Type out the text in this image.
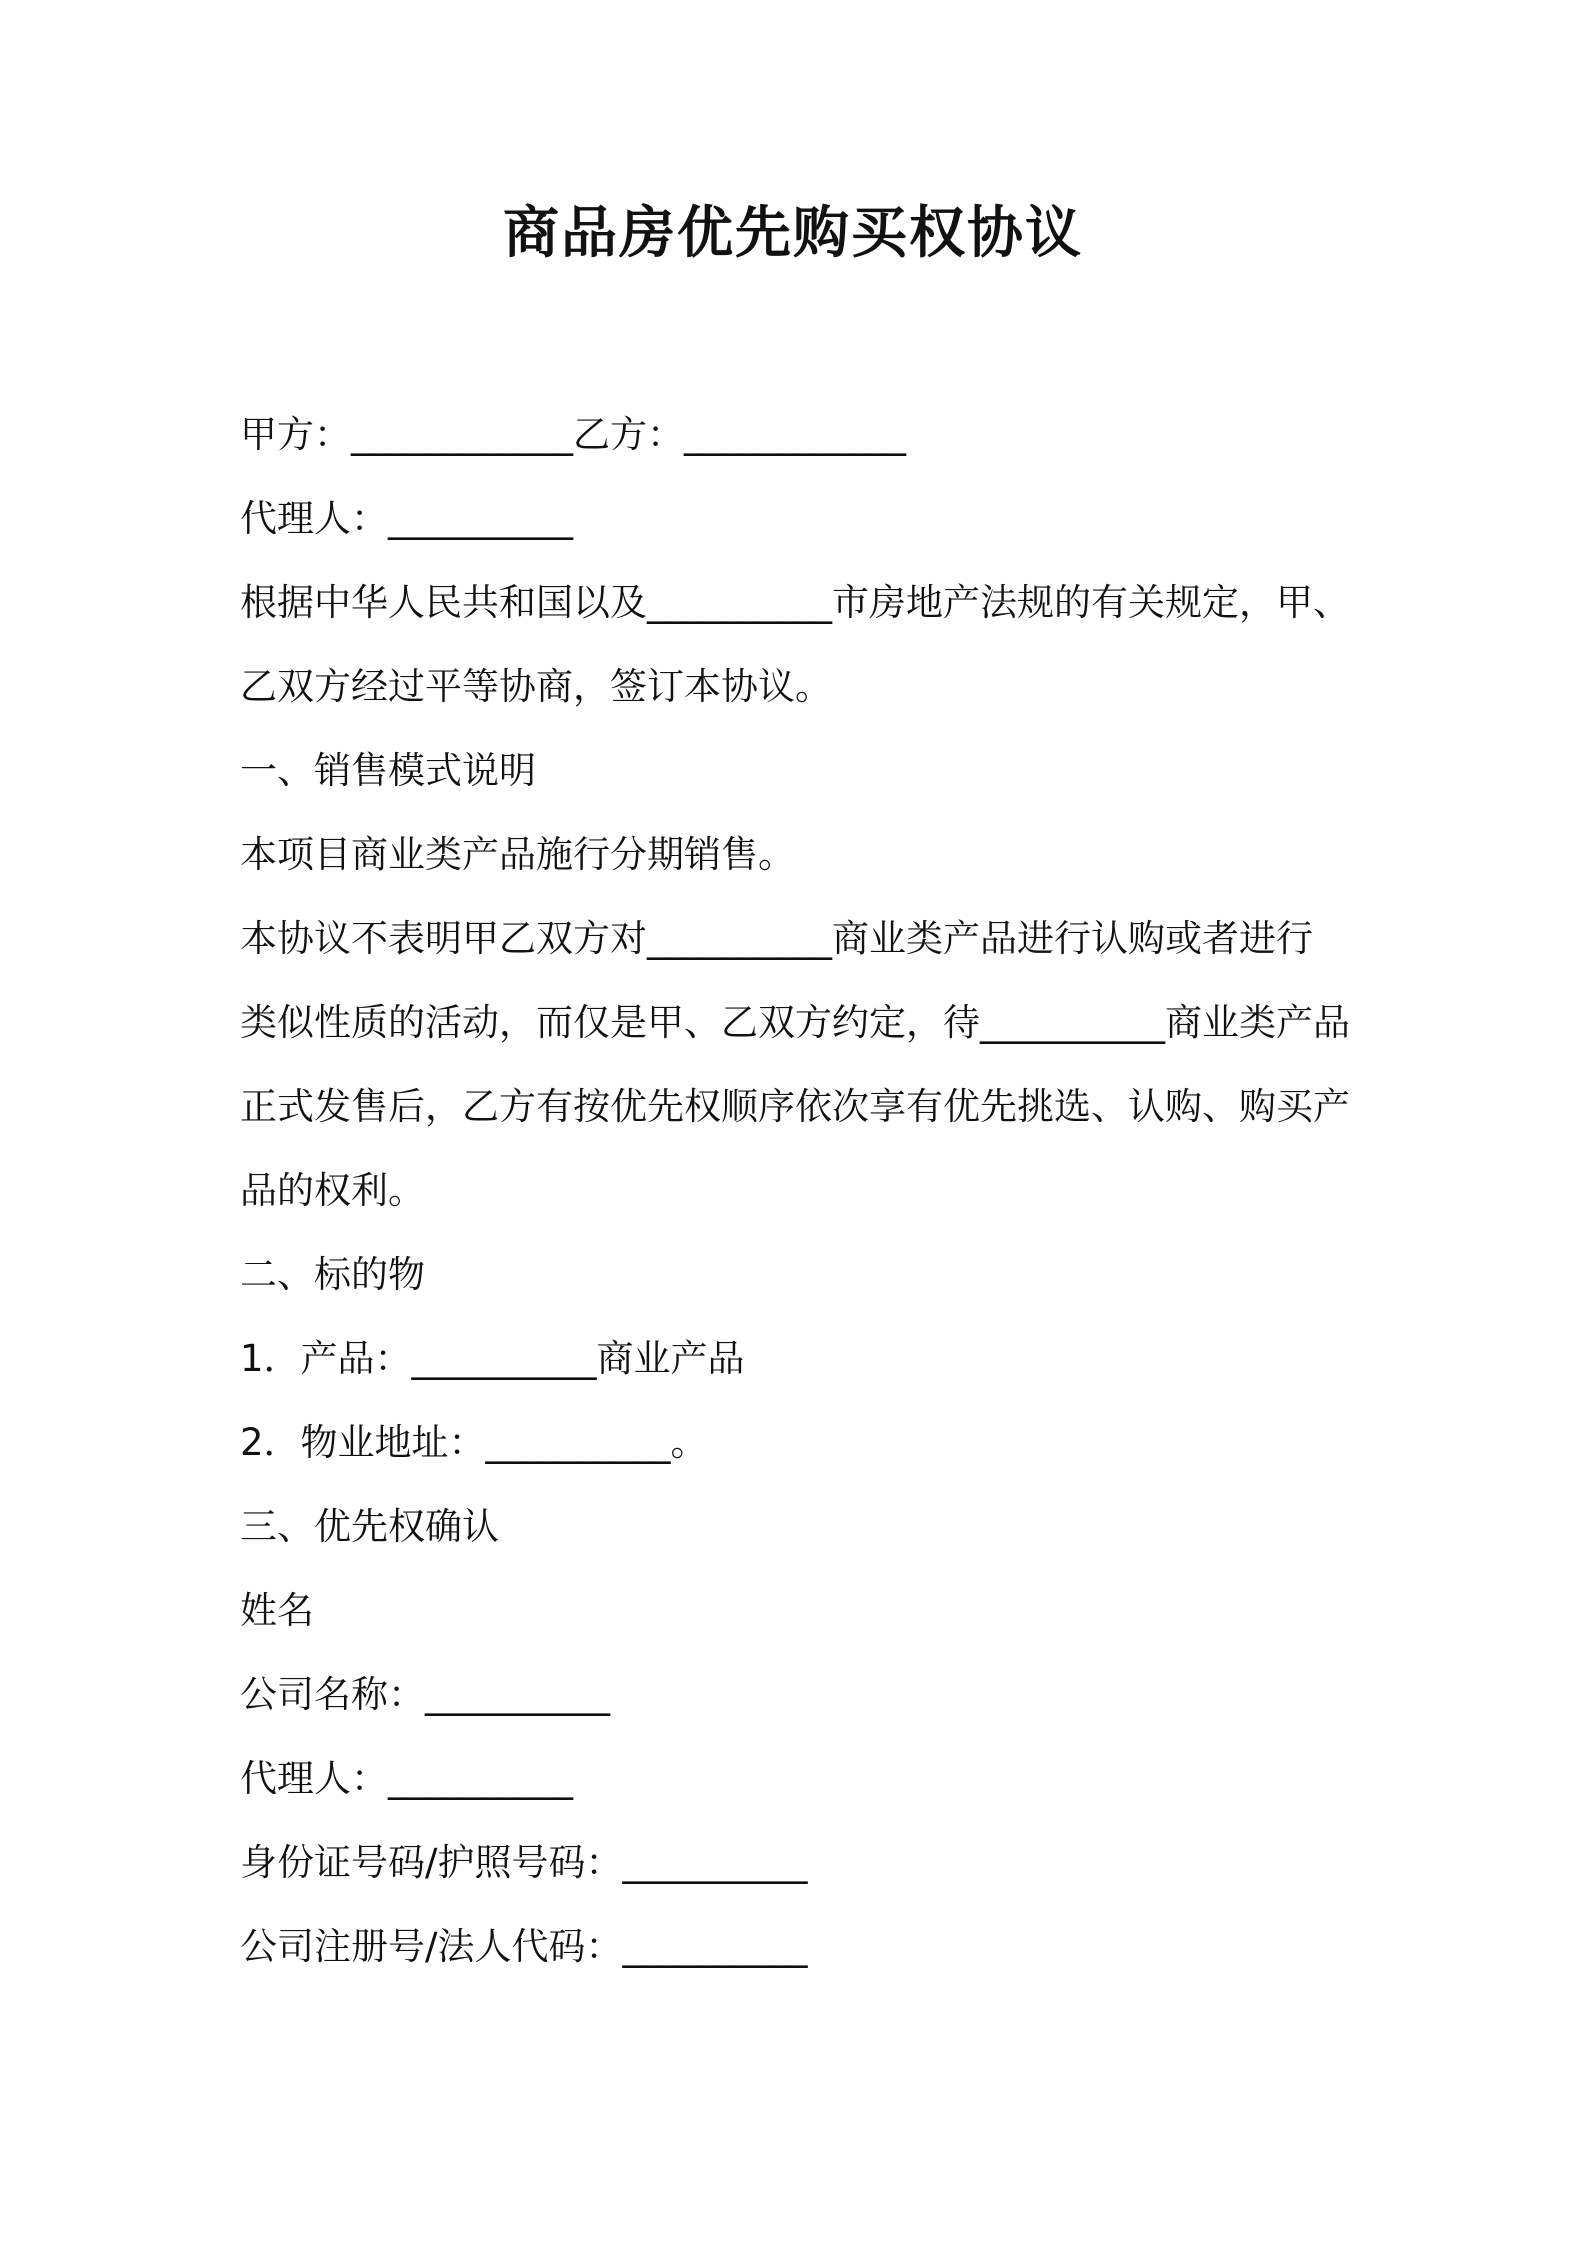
商品房优先购买权协议
甲方：____________乙方：____________
代理人：__________
根据中华人民共和国以及__________市房地产法规的有关规定，甲、
乙双方经过平等协商，签订本协议。
一、销售模式说明
本项目商业类产品施行分期销售。
本协议不表明甲乙双方对__________商业类产品进行认购或者进行
类似性质的活动，而仅是甲、乙双方约定，待__________商业类产品
正式发售后，乙方有按优先权顺序依次享有优先挑选、认购、购买产
品的权利。
二、标的物
1．产品：__________商业产品
2．物业地址：__________。
三、优先权确认
姓名
公司名称：__________
代理人：__________
身份证号码/护照号码：__________
公司注册号/法人代码：__________
